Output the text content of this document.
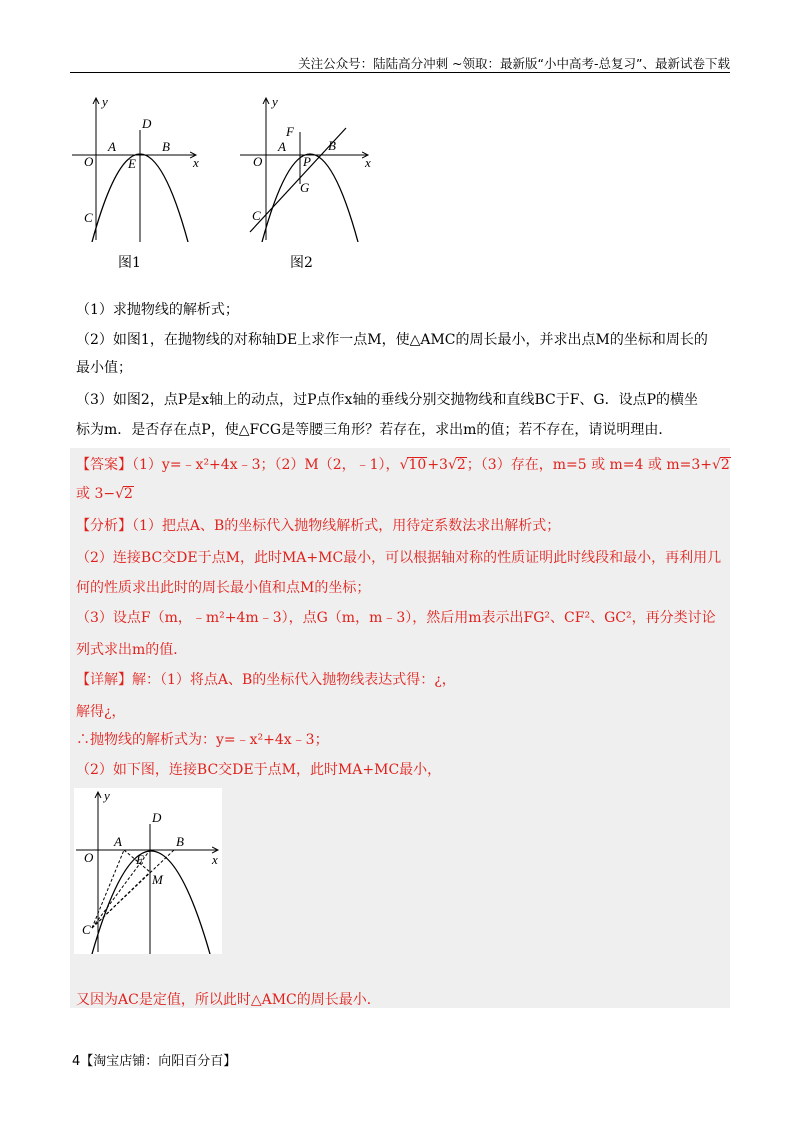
关注公众号：陆陆高分冲刺 ~领取：最新版“小中高考-总复习”、最新试卷下载
y
x
O
A	B
D
E
C
图1
y
x
O
F
A
P
B
G
C
图2
（1）求抛物线的解析式；
（2）如图1，在抛物线的对称轴DE上求作一点M，使△AMC的周长最小，并求出点M的坐标和周长的
最小值；
（3）如图2，点P是x轴上的动点，过P点作x轴的垂线分别交抛物线和直线BC于F、G．设点P的横坐
标为m．是否存在点P，使△FCG是等腰三角形？若存在，求出m的值；若不存在，请说明理由．
【答案】（1）y=﹣x²+4x﹣3；（2）M（2，﹣1），√10+3√2；（3）存在，m=5 或 m=4 或 m=3+√2
或 3−√2
【分析】（1）把点A、B的坐标代入抛物线解析式，用待定系数法求出解析式；
（2）连接BC交DE于点M，此时MA+MC最小，可以根据轴对称的性质证明此时线段和最小，再利用几
何的性质求出此时的周长最小值和点M的坐标；
（3）设点F（m，﹣m²+4m﹣3），点G（m，m﹣3），然后用m表示出FG²、CF²、GC²，再分类讨论
列式求出m的值．
【详解】解：（1）将点A、B的坐标代入抛物线表达式得：¿，
解得¿，
∴抛物线的解析式为：y=﹣x²+4x﹣3；
（2）如下图，连接BC交DE于点M，此时MA+MC最小，
y
x
O
A	B
D
E
M
C
又因为AC是定值，所以此时△AMC的周长最小．
4【淘宝店铺：向阳百分百】
